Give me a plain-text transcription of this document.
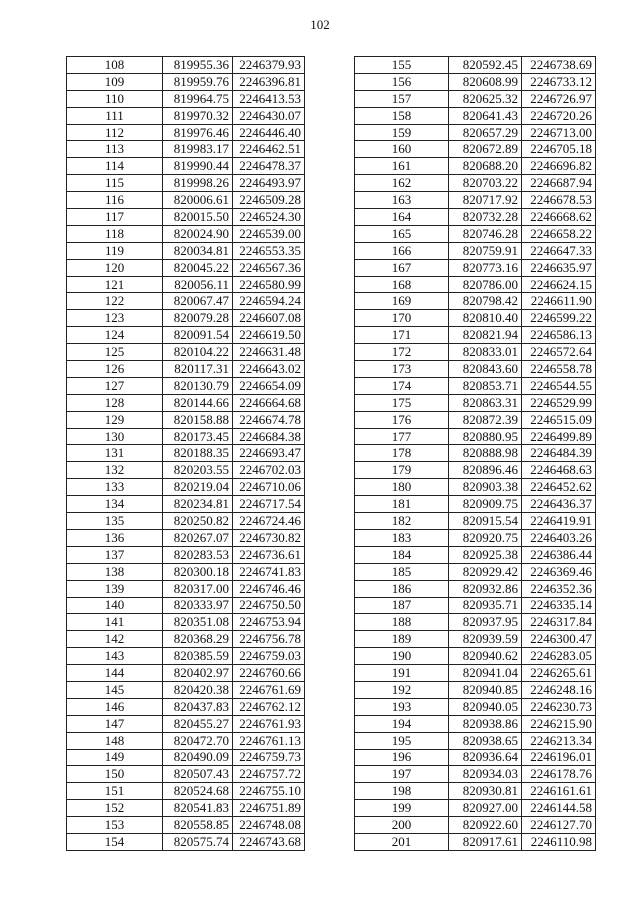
102
108	819955.36	2246379.93
109	819959.76	2246396.81
110	819964.75	2246413.53
111	819970.32	2246430.07
112	819976.46	2246446.40
113	819983.17	2246462.51
114	819990.44	2246478.37
115	819998.26	2246493.97
116	820006.61	2246509.28
117	820015.50	2246524.30
118	820024.90	2246539.00
119	820034.81	2246553.35
120	820045.22	2246567.36
121	820056.11	2246580.99
122	820067.47	2246594.24
123	820079.28	2246607.08
124	820091.54	2246619.50
125	820104.22	2246631.48
126	820117.31	2246643.02
127	820130.79	2246654.09
128	820144.66	2246664.68
129	820158.88	2246674.78
130	820173.45	2246684.38
131	820188.35	2246693.47
132	820203.55	2246702.03
133	820219.04	2246710.06
134	820234.81	2246717.54
135	820250.82	2246724.46
136	820267.07	2246730.82
137	820283.53	2246736.61
138	820300.18	2246741.83
139	820317.00	2246746.46
140	820333.97	2246750.50
141	820351.08	2246753.94
142	820368.29	2246756.78
143	820385.59	2246759.03
144	820402.97	2246760.66
145	820420.38	2246761.69
146	820437.83	2246762.12
147	820455.27	2246761.93
148	820472.70	2246761.13
149	820490.09	2246759.73
150	820507.43	2246757.72
151	820524.68	2246755.10
152	820541.83	2246751.89
153	820558.85	2246748.08
154	820575.74	2246743.68
155	820592.45	2246738.69
156	820608.99	2246733.12
157	820625.32	2246726.97
158	820641.43	2246720.26
159	820657.29	2246713.00
160	820672.89	2246705.18
161	820688.20	2246696.82
162	820703.22	2246687.94
163	820717.92	2246678.53
164	820732.28	2246668.62
165	820746.28	2246658.22
166	820759.91	2246647.33
167	820773.16	2246635.97
168	820786.00	2246624.15
169	820798.42	2246611.90
170	820810.40	2246599.22
171	820821.94	2246586.13
172	820833.01	2246572.64
173	820843.60	2246558.78
174	820853.71	2246544.55
175	820863.31	2246529.99
176	820872.39	2246515.09
177	820880.95	2246499.89
178	820888.98	2246484.39
179	820896.46	2246468.63
180	820903.38	2246452.62
181	820909.75	2246436.37
182	820915.54	2246419.91
183	820920.75	2246403.26
184	820925.38	2246386.44
185	820929.42	2246369.46
186	820932.86	2246352.36
187	820935.71	2246335.14
188	820937.95	2246317.84
189	820939.59	2246300.47
190	820940.62	2246283.05
191	820941.04	2246265.61
192	820940.85	2246248.16
193	820940.05	2246230.73
194	820938.86	2246215.90
195	820938.65	2246213.34
196	820936.64	2246196.01
197	820934.03	2246178.76
198	820930.81	2246161.61
199	820927.00	2246144.58
200	820922.60	2246127.70
201	820917.61	2246110.98
